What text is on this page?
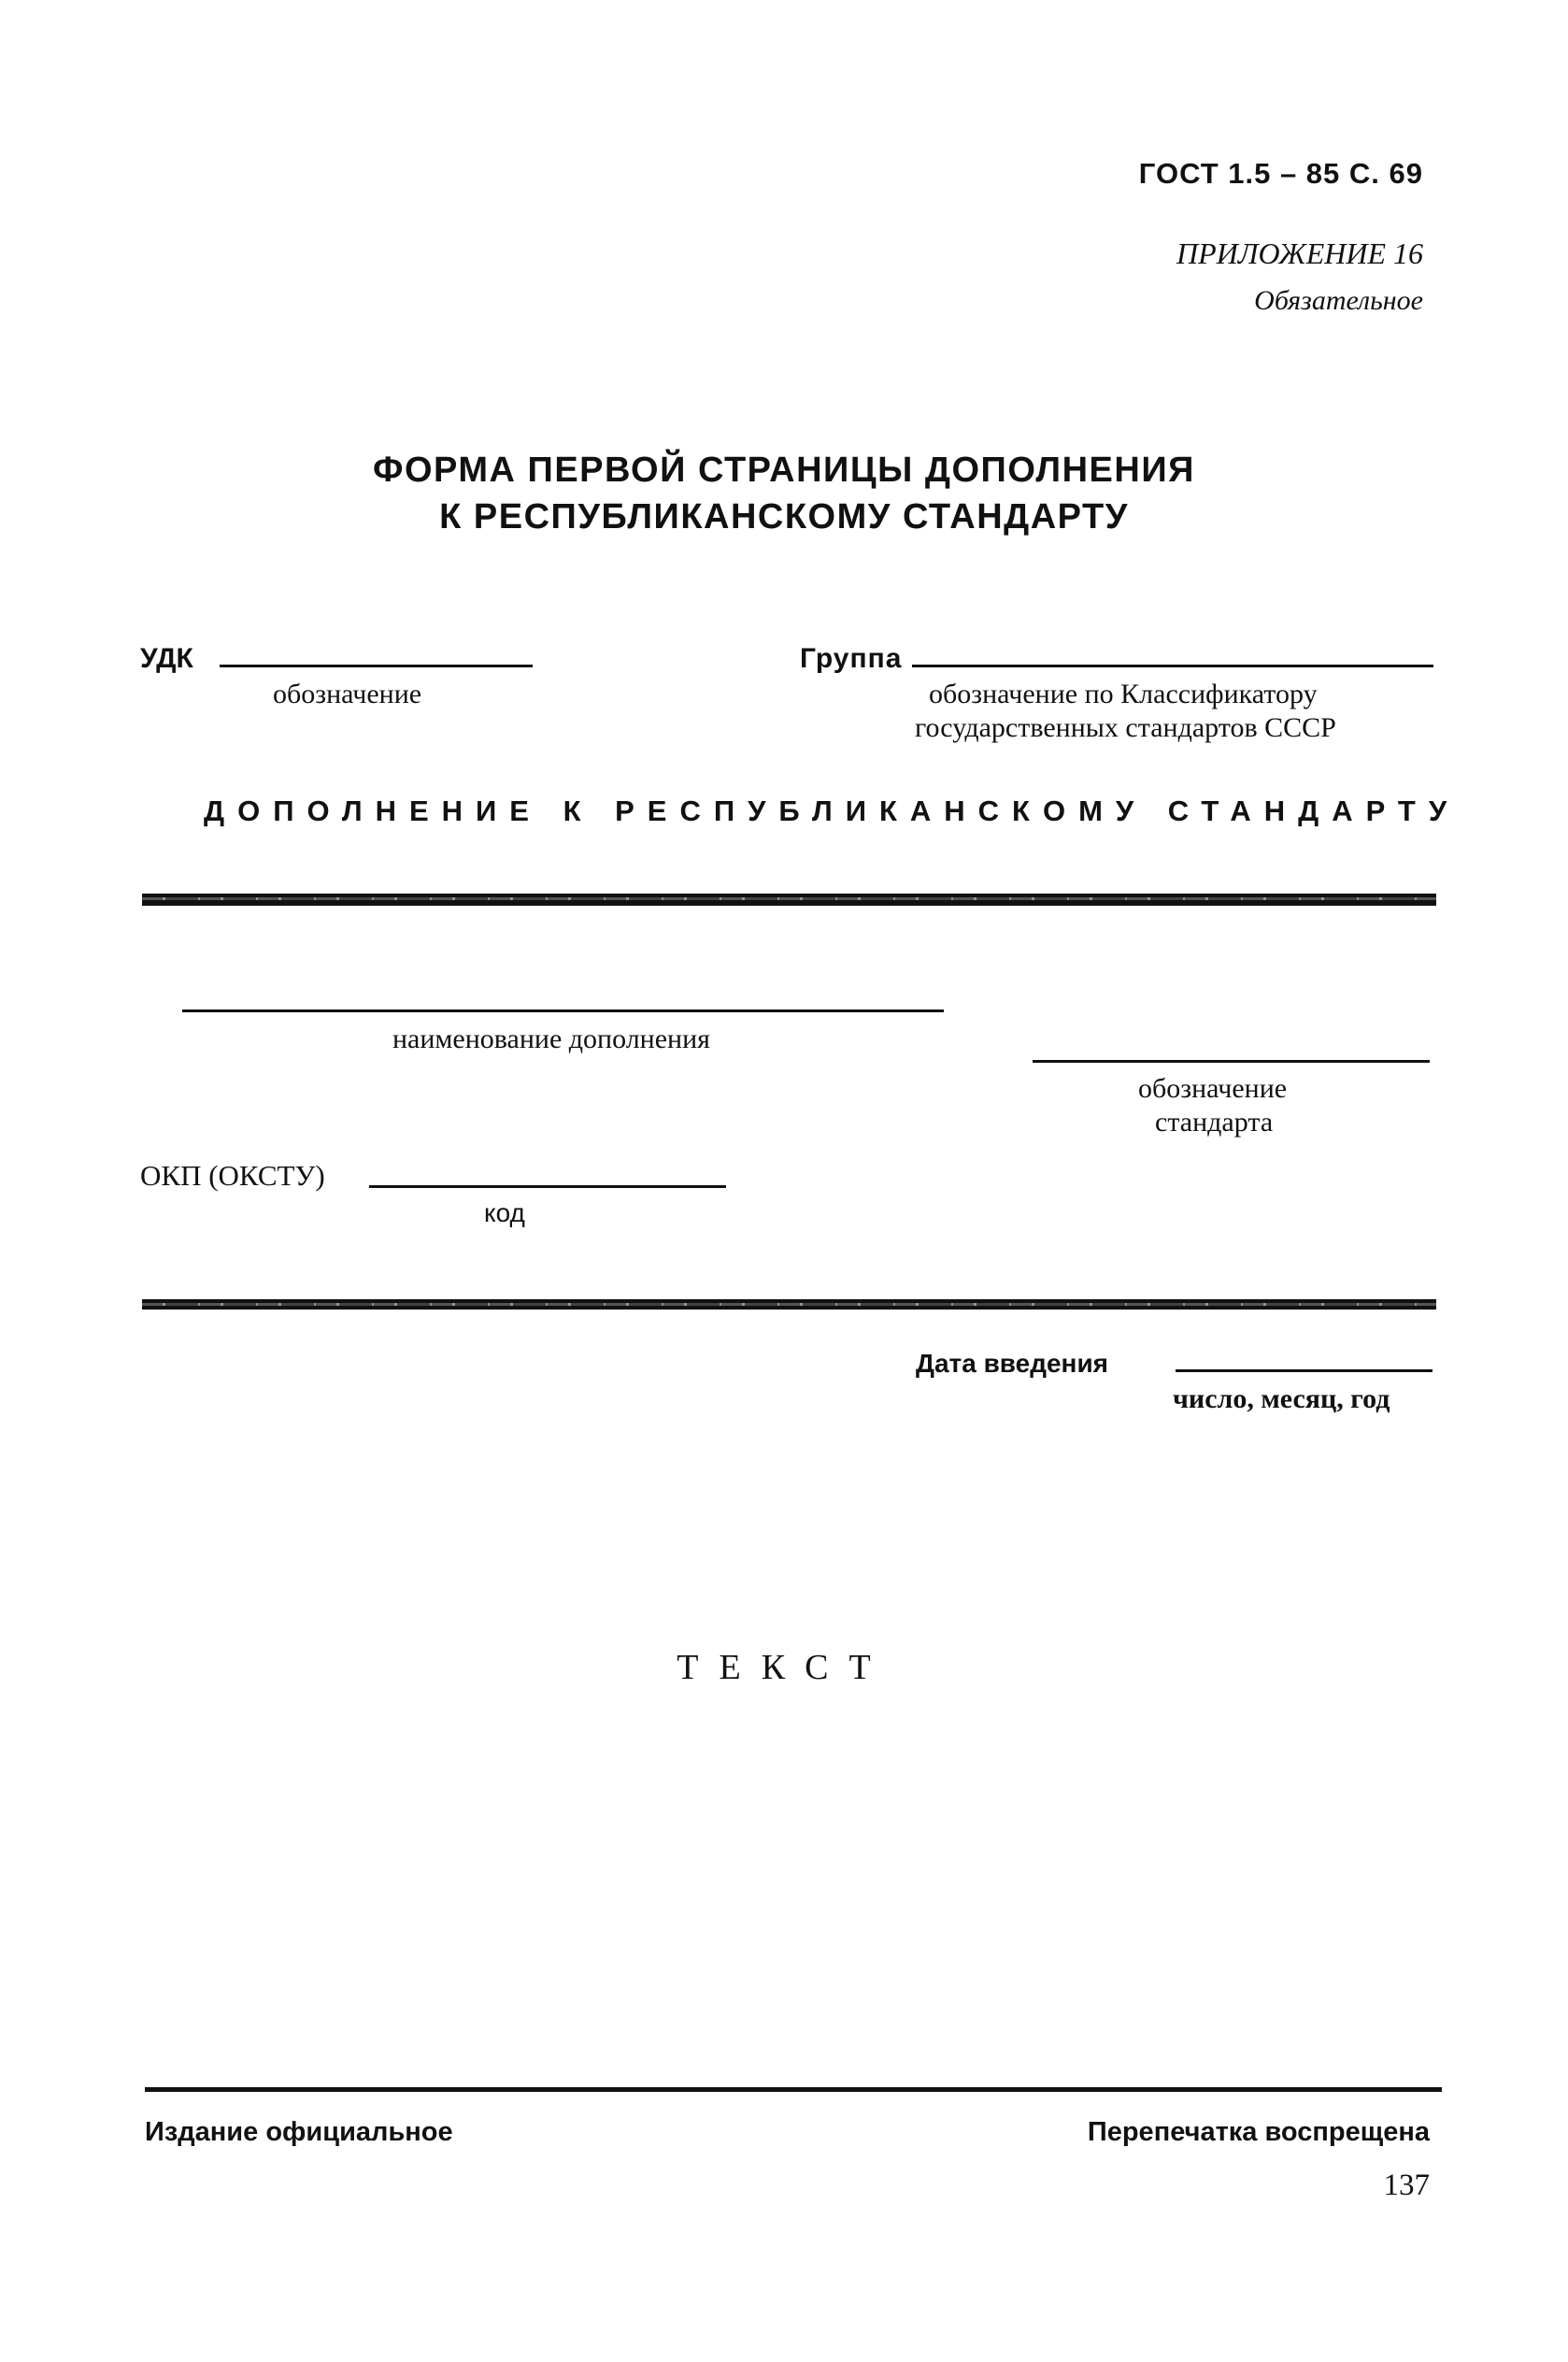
ГОСТ 1.5 – 85 С. 69
ПРИЛОЖЕНИЕ 16
Обязательное
ФОРМА ПЕРВОЙ СТРАНИЦЫ ДОПОЛНЕНИЯ
К РЕСПУБЛИКАНСКОМУ СТАНДАРТУ
УДК
обозначение
Группа
обозначение по Классификатору
государственных стандартов СССР
ДОПОЛНЕНИЕ К РЕСПУБЛИКАНСКОМУ СТАНДАРТУ
наименование дополнения
обозначение
стандарта
ОКП (ОКСТУ)
код
Дата введения
число, месяц, год
ТЕКСТ
Издание официальное	Перепечатка воспрещена
137
